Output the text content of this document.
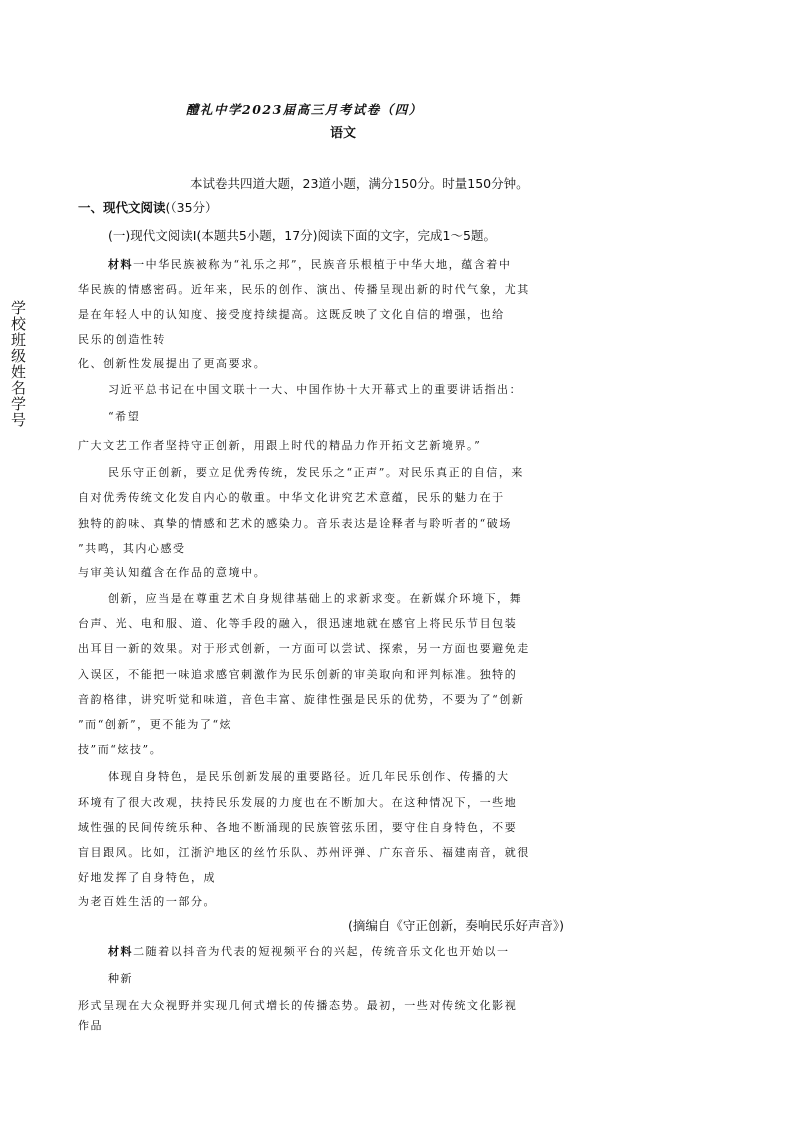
学校班级姓名学号
醴礼中学2023届高三月考试卷（四）
语文
本试卷共四道大题，23道小题，满分150分。时量150分钟。
一、现代文阅读(（35分）
(一)现代文阅读Ⅰ(本题共5小题，17分)阅读下面的文字，完成1～5题。
材料一中华民族被称为“礼乐之邦”，民族音乐根植于中华大地，蕴含着中
华民族的情感密码。近年来，民乐的创作、演出、传播呈现出新的时代气象，尤其
是在年轻人中的认知度、接受度持续提高。这既反映了文化自信的增强，也给
民乐的创造性转
化、创新性发展提出了更高要求。
习近平总书记在中国文联十一大、中国作协十大开幕式上的重要讲话指出：
“希望
广大文艺工作者坚持守正创新，用跟上时代的精品力作开拓文艺新境界。”
民乐守正创新，要立足优秀传统，发民乐之“正声”。对民乐真正的自信，来
自对优秀传统文化发自内心的敬重。中华文化讲究艺术意蕴，民乐的魅力在于
独特的韵味、真挚的情感和艺术的感染力。音乐表达是诠释者与聆听者的“破场
”共鸣，其内心感受
与审美认知蕴含在作品的意境中。
创新，应当是在尊重艺术自身规律基础上的求新求变。在新媒介环境下，舞
台声、光、电和服、道、化等手段的融入，很迅速地就在感官上将民乐节目包装
出耳目一新的效果。对于形式创新，一方面可以尝试、探索，另一方面也要避免走
入误区，不能把一味追求感官刺激作为民乐创新的审美取向和评判标准。独特的
音韵格律，讲究听觉和味道，音色丰富、旋律性强是民乐的优势，不要为了“创新
”而“创新”，更不能为了“炫
技”而“炫技”。
体现自身特色，是民乐创新发展的重要路径。近几年民乐创作、传播的大
环境有了很大改观，扶持民乐发展的力度也在不断加大。在这种情况下，一些地
域性强的民间传统乐种、各地不断涌现的民族管弦乐团，要守住自身特色，不要
盲目跟风。比如，江浙沪地区的丝竹乐队、苏州评弹、广东音乐、福建南音，就很
好地发挥了自身特色，成
为老百姓生活的一部分。
(摘编自《守正创新，奏响民乐好声音》)
材料二随着以抖音为代表的短视频平台的兴起，传统音乐文化也开始以一
种新
形式呈现在大众视野并实现几何式增长的传播态势。最初，一些对传统文化影视
作品
